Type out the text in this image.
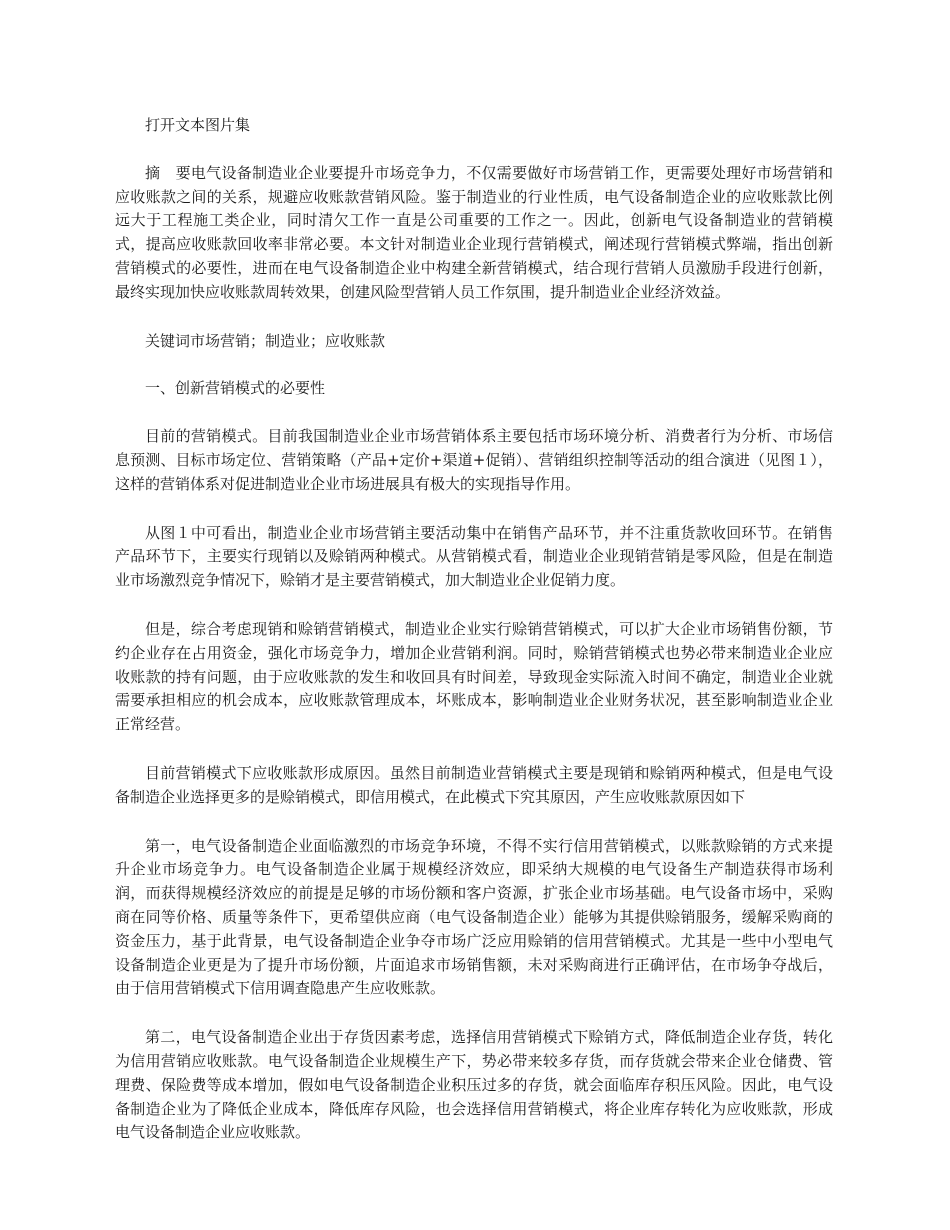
打开文本图片集

摘　要电气设备制造业企业要提升市场竞争力，不仅需要做好市场营销工作，更需要处理好市场营销和应收账款之间的关系，规避应收账款营销风险。鉴于制造业的行业性质，电气设备制造企业的应收账款比例远大于工程施工类企业，同时清欠工作一直是公司重要的工作之一。因此，创新电气设备制造业的营销模式，提高应收账款回收率非常必要。本文针对制造业企业现行营销模式，阐述现行营销模式弊端，指出创新营销模式的必要性，进而在电气设备制造企业中构建全新营销模式，结合现行营销人员激励手段进行创新，最终实现加快应收账款周转效果，创建风险型营销人员工作氛围，提升制造业企业经济效益。

关键词市场营销；制造业；应收账款

一、创新营销模式的必要性

目前的营销模式。目前我国制造业企业市场营销体系主要包括市场环境分析、消费者行为分析、市场信息预测、目标市场定位、营销策略（产品+定价+渠道+促销）、营销组织控制等活动的组合演进（见图１），这样的营销体系对促进制造业企业市场进展具有极大的实现指导作用。

从图１中可看出，制造业企业市场营销主要活动集中在销售产品环节，并不注重货款收回环节。在销售产品环节下，主要实行现销以及赊销两种模式。从营销模式看，制造业企业现销营销是零风险，但是在制造业市场激烈竞争情况下，赊销才是主要营销模式，加大制造业企业促销力度。

但是，综合考虑现销和赊销营销模式，制造业企业实行赊销营销模式，可以扩大企业市场销售份额，节约企业存在占用资金，强化市场竞争力，增加企业营销利润。同时，赊销营销模式也势必带来制造业企业应收账款的持有问题，由于应收账款的发生和收回具有时间差，导致现金实际流入时间不确定，制造业企业就需要承担相应的机会成本，应收账款管理成本，坏账成本，影响制造业企业财务状况，甚至影响制造业企业正常经营。

目前营销模式下应收账款形成原因。虽然目前制造业营销模式主要是现销和赊销两种模式，但是电气设备制造企业选择更多的是赊销模式，即信用模式，在此模式下究其原因，产生应收账款原因如下

第一，电气设备制造企业面临激烈的市场竞争环境，不得不实行信用营销模式，以账款赊销的方式来提升企业市场竞争力。电气设备制造企业属于规模经济效应，即采纳大规模的电气设备生产制造获得市场利润，而获得规模经济效应的前提是足够的市场份额和客户资源，扩张企业市场基础。电气设备市场中，采购商在同等价格、质量等条件下，更希望供应商（电气设备制造企业）能够为其提供赊销服务，缓解采购商的资金压力，基于此背景，电气设备制造企业争夺市场广泛应用赊销的信用营销模式。尤其是一些中小型电气设备制造企业更是为了提升市场份额，片面追求市场销售额，未对采购商进行正确评估，在市场争夺战后，由于信用营销模式下信用调查隐患产生应收账款。

第二，电气设备制造企业出于存货因素考虑，选择信用营销模式下赊销方式，降低制造企业存货，转化为信用营销应收账款。电气设备制造企业规模生产下，势必带来较多存货，而存货就会带来企业仓储费、管理费、保险费等成本增加，假如电气设备制造企业积压过多的存货，就会面临库存积压风险。因此，电气设备制造企业为了降低企业成本，降低库存风险，也会选择信用营销模式，将企业库存转化为应收账款，形成电气设备制造企业应收账款。
